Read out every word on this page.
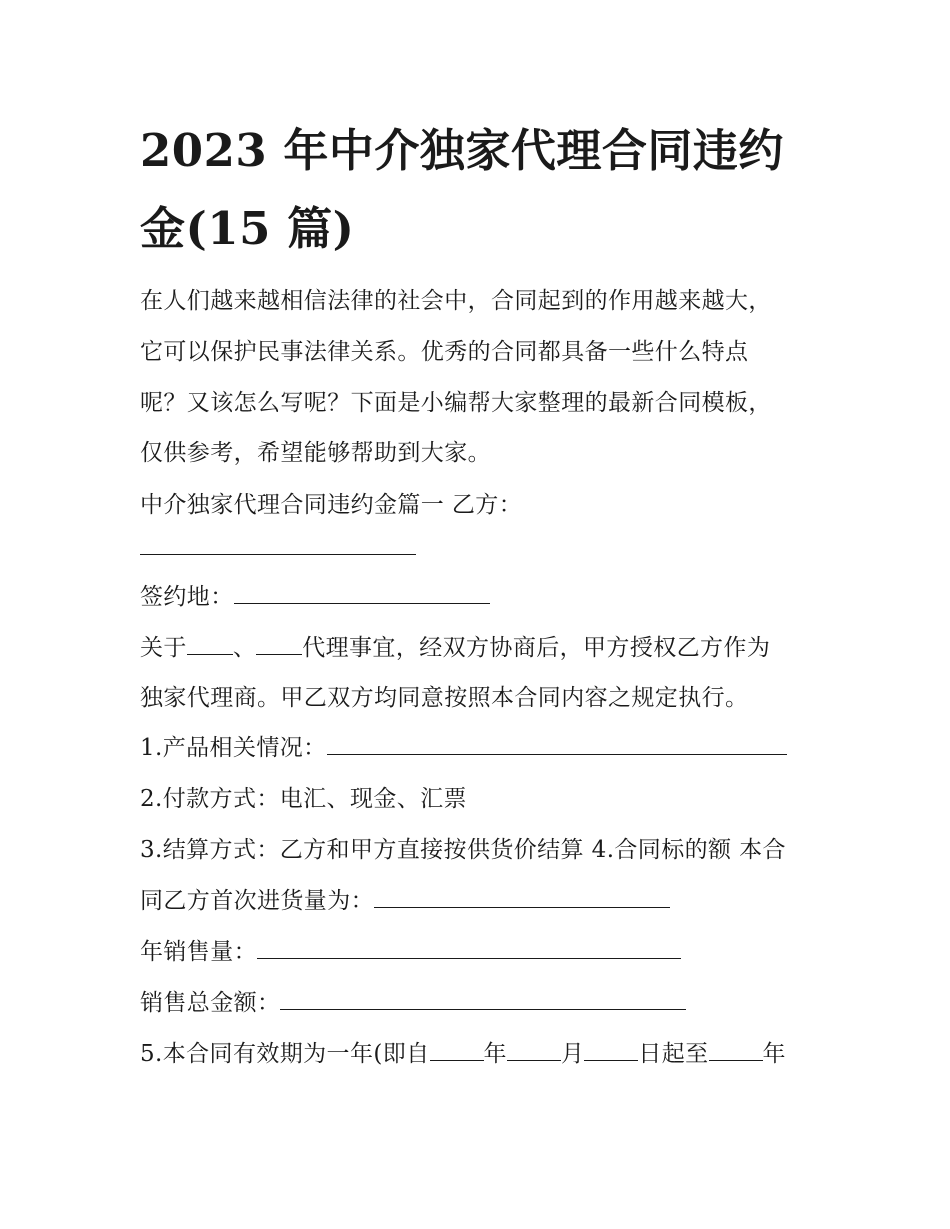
2023 年中介独家代理合同违约金(15 篇)

在人们越来越相信法律的社会中，合同起到的作用越来越大，

它可以保护民事法律关系。优秀的合同都具备一些什么特点

呢？又该怎么写呢？下面是小编帮大家整理的最新合同模板，

仅供参考，希望能够帮助到大家。

中介独家代理合同违约金篇一 乙方：

签约地：

关于 、 代理事宜，经双方协商后，甲方授权乙方作为

独家代理商。甲乙双方均同意按照本合同内容之规定执行。

1.产品相关情况：

2.付款方式：电汇、现金、汇票

3.结算方式：乙方和甲方直接按供货价结算 4.合同标的额 本合

同乙方首次进货量为：

年销售量：

销售总金额：

5.本合同有效期为一年(即自 年 月 日起至 年
